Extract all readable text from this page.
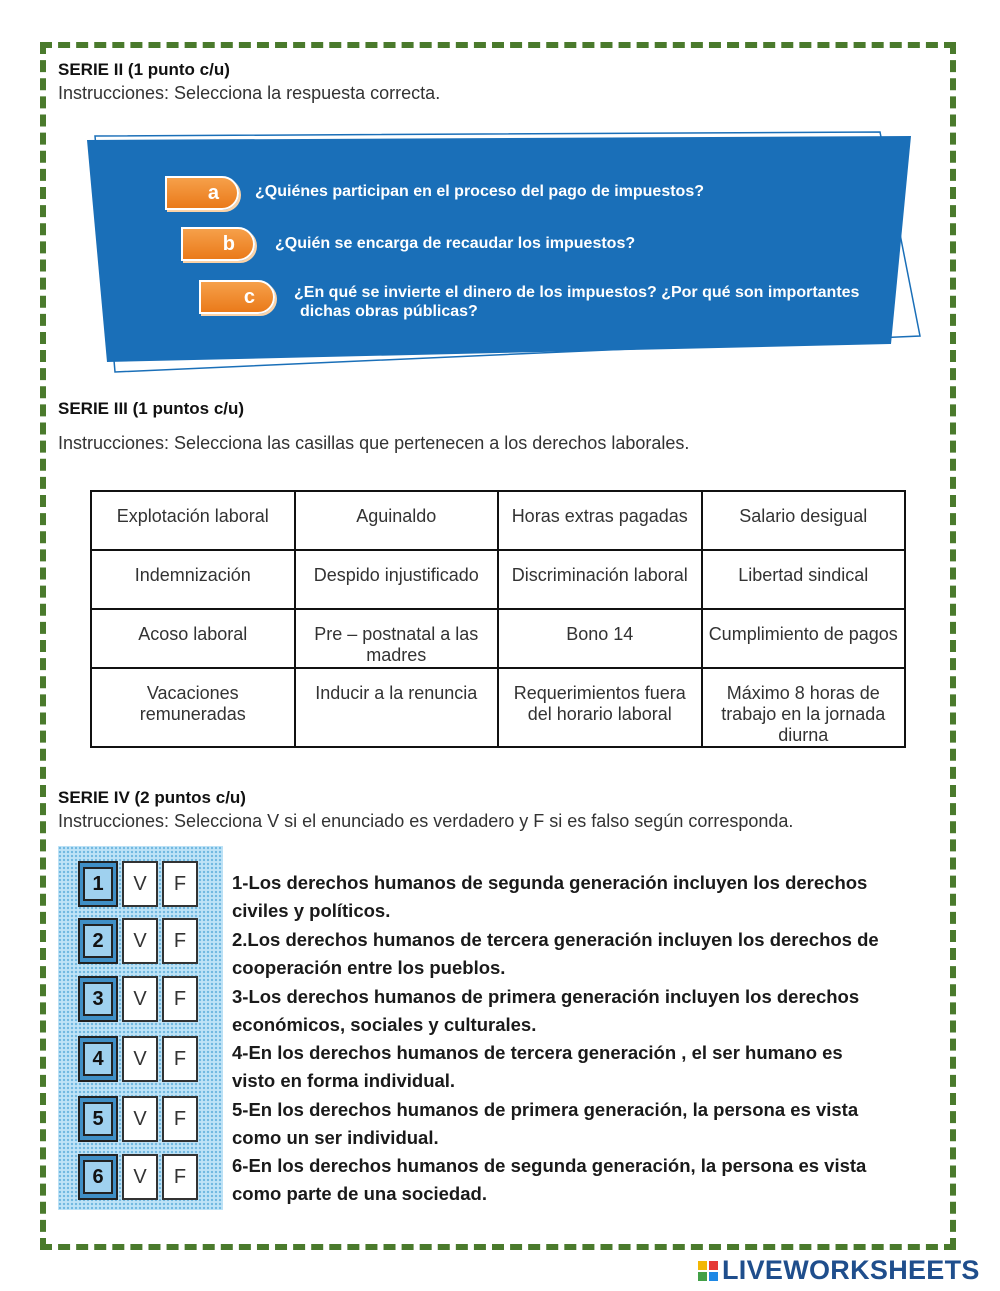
SERIE II (1 punto c/u)
Instrucciones: Selecciona la respuesta correcta.
a ¿Quiénes participan en el proceso del pago de impuestos?
b	¿Quién se encarga de recaudar los impuestos?
c ¿En qué se invierte el dinero de los impuestos? ¿Por qué son importantes
dichas obras públicas?
SERIE III (1 puntos c/u)
Instrucciones: Selecciona las casillas que pertenecen a los derechos laborales.
Explotación laboral	Aguinaldo	Horas extras pagadas	Salario desigual
Indemnización	Despido injustificado	Discriminación laboral	Libertad sindical
Acoso laboral	Pre – postnatal a las madres	Bono 14	Cumplimiento de pagos
Vacaciones remuneradas	Inducir a la renuncia	Requerimientos fuera del horario laboral	Máximo 8 horas de trabajo en la jornada diurna
SERIE IV (2 puntos c/u)
Instrucciones: Selecciona V si el enunciado es verdadero y F si es falso según corresponda.
1	V	F
2	V	F
3	V	F
4	V	F
5	V	F
6	V	F
1-Los derechos humanos de segunda generación incluyen los derechos
civiles y políticos.
2.Los derechos humanos de tercera generación incluyen los derechos de
cooperación entre los pueblos.
3-Los derechos humanos de primera generación incluyen los derechos
económicos, sociales y culturales.
4-En los derechos humanos de tercera generación , el ser humano es
visto en forma individual.
5-En los derechos humanos de primera generación, la persona es vista
como un ser individual.
6-En los derechos humanos de segunda generación, la persona es vista
como parte de una sociedad.
LIVEWORKSHEETS
